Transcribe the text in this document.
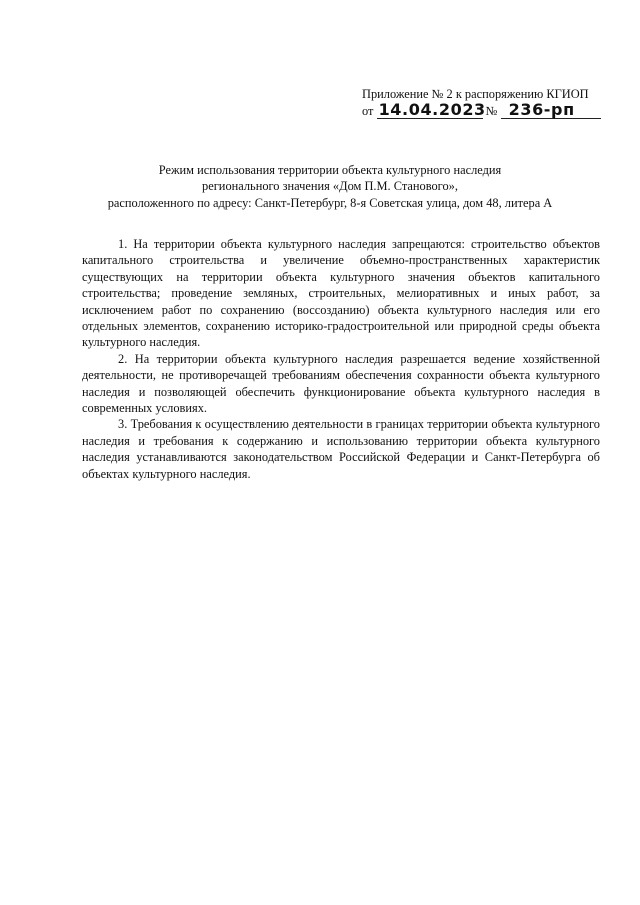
Приложение № 2 к распоряжению КГИОП
от 14.04.2023 № 236-рп
Режим использования территории объекта культурного наследия
регионального значения «Дом П.М. Станового»,
расположенного по адресу: Санкт-Петербург, 8-я Советская улица, дом 48, литера А

1. На территории объекта культурного наследия запрещаются: строительство объектов капитального строительства и увеличение объемно-пространственных характеристик существующих на территории объекта культурного значения объектов капитального строительства; проведение земляных, строительных, мелиоративных и иных работ, за исключением работ по сохранению (воссозданию) объекта культурного наследия или его отдельных элементов, сохранению историко-градостроительной или природной среды объекта культурного наследия.

2. На территории объекта культурного наследия разрешается ведение хозяйственной деятельности, не противоречащей требованиям обеспечения сохранности объекта культурного наследия и позволяющей обеспечить функционирование объекта культурного наследия в современных условиях.

3. Требования к осуществлению деятельности в границах территории объекта культурного наследия и требования к содержанию и использованию территории объекта культурного наследия устанавливаются законодательством Российской Федерации и Санкт-Петербурга об объектах культурного наследия.
